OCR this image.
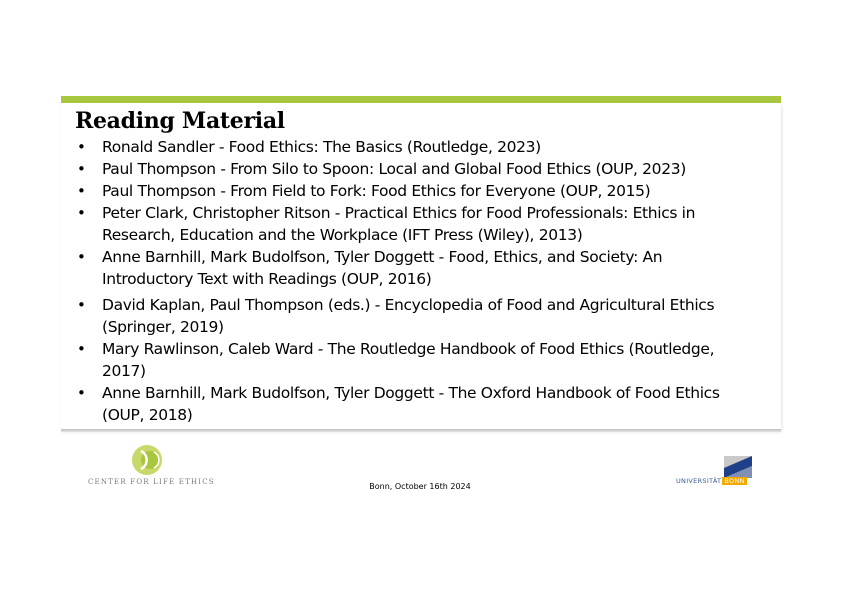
Reading Material
• Ronald Sandler - Food Ethics: The Basics (Routledge, 2023)
• Paul Thompson - From Silo to Spoon: Local and Global Food Ethics (OUP, 2023)
• Paul Thompson - From Field to Fork: Food Ethics for Everyone (OUP, 2015)
• Peter Clark, Christopher Ritson - Practical Ethics for Food Professionals: Ethics in
Research, Education and the Workplace (IFT Press (Wiley), 2013)
• Anne Barnhill, Mark Budolfson, Tyler Doggett - Food, Ethics, and Society: An
Introductory Text with Readings (OUP, 2016)
• David Kaplan, Paul Thompson (eds.) - Encyclopedia of Food and Agricultural Ethics
(Springer, 2019)
• Mary Rawlinson, Caleb Ward - The Routledge Handbook of Food Ethics (Routledge,
2017)
• Anne Barnhill, Mark Budolfson, Tyler Doggett - The Oxford Handbook of Food Ethics
(OUP, 2018)
CENTER FOR LIFE ETHICS	Bonn, October 16th 2024
UNIVERSITÄT BONN
